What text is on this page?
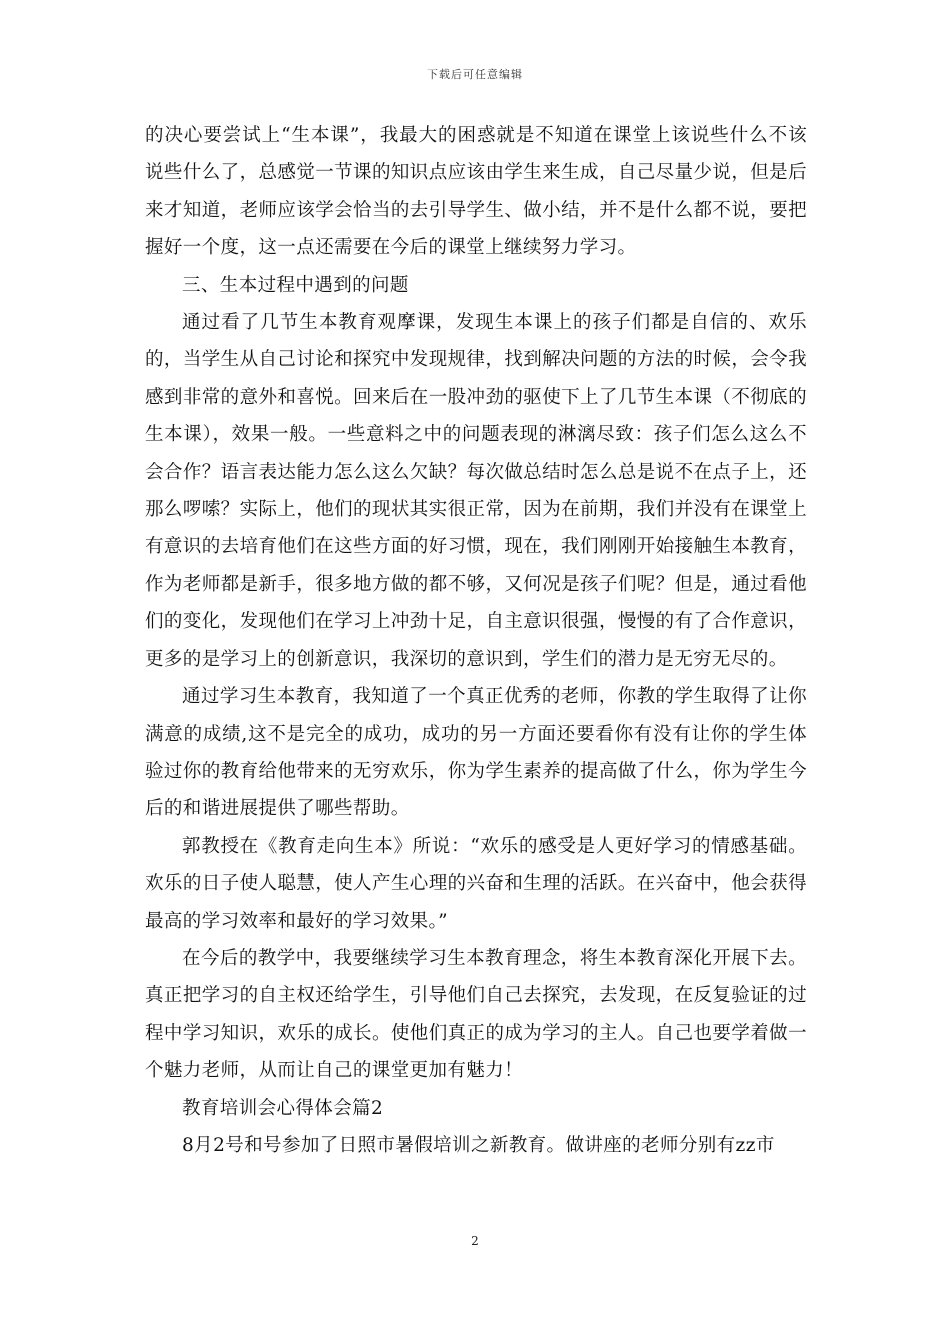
下载后可任意编辑

的决心要尝试上“生本课”，我最大的困惑就是不知道在课堂上该说些什么不该说些什么了，总感觉一节课的知识点应该由学生来生成，自己尽量少说，但是后来才知道，老师应该学会恰当的去引导学生、做小结，并不是什么都不说，要把握好一个度，这一点还需要在今后的课堂上继续努力学习。

三、生本过程中遇到的问题

通过看了几节生本教育观摩课，发现生本课上的孩子们都是自信的、欢乐的，当学生从自己讨论和探究中发现规律，找到解决问题的方法的时候，会令我感到非常的意外和喜悦。回来后在一股冲劲的驱使下上了几节生本课（不彻底的生本课），效果一般。一些意料之中的问题表现的淋漓尽致：孩子们怎么这么不会合作？语言表达能力怎么这么欠缺？每次做总结时怎么总是说不在点子上，还那么啰嗦？实际上，他们的现状其实很正常，因为在前期，我们并没有在课堂上有意识的去培育他们在这些方面的好习惯，现在，我们刚刚开始接触生本教育，作为老师都是新手，很多地方做的都不够，又何况是孩子们呢？但是，通过看他们的变化，发现他们在学习上冲劲十足，自主意识很强，慢慢的有了合作意识，更多的是学习上的创新意识，我深切的意识到，学生们的潜力是无穷无尽的。

通过学习生本教育，我知道了一个真正优秀的老师，你教的学生取得了让你满意的成绩,这不是完全的成功，成功的另一方面还要看你有没有让你的学生体验过你的教育给他带来的无穷欢乐，你为学生素养的提高做了什么，你为学生今后的和谐进展提供了哪些帮助。

郭教授在《教育走向生本》所说：“欢乐的感受是人更好学习的情感基础。欢乐的日子使人聪慧，使人产生心理的兴奋和生理的活跃。在兴奋中，他会获得最高的学习效率和最好的学习效果。”

在今后的教学中，我要继续学习生本教育理念，将生本教育深化开展下去。真正把学习的自主权还给学生，引导他们自己去探究，去发现，在反复验证的过程中学习知识，欢乐的成长。使他们真正的成为学习的主人。自己也要学着做一个魅力老师，从而让自己的课堂更加有魅力！

教育培训会心得体会篇2

8月2号和号参加了日照市暑假培训之新教育。做讲座的老师分别有zz市

2
